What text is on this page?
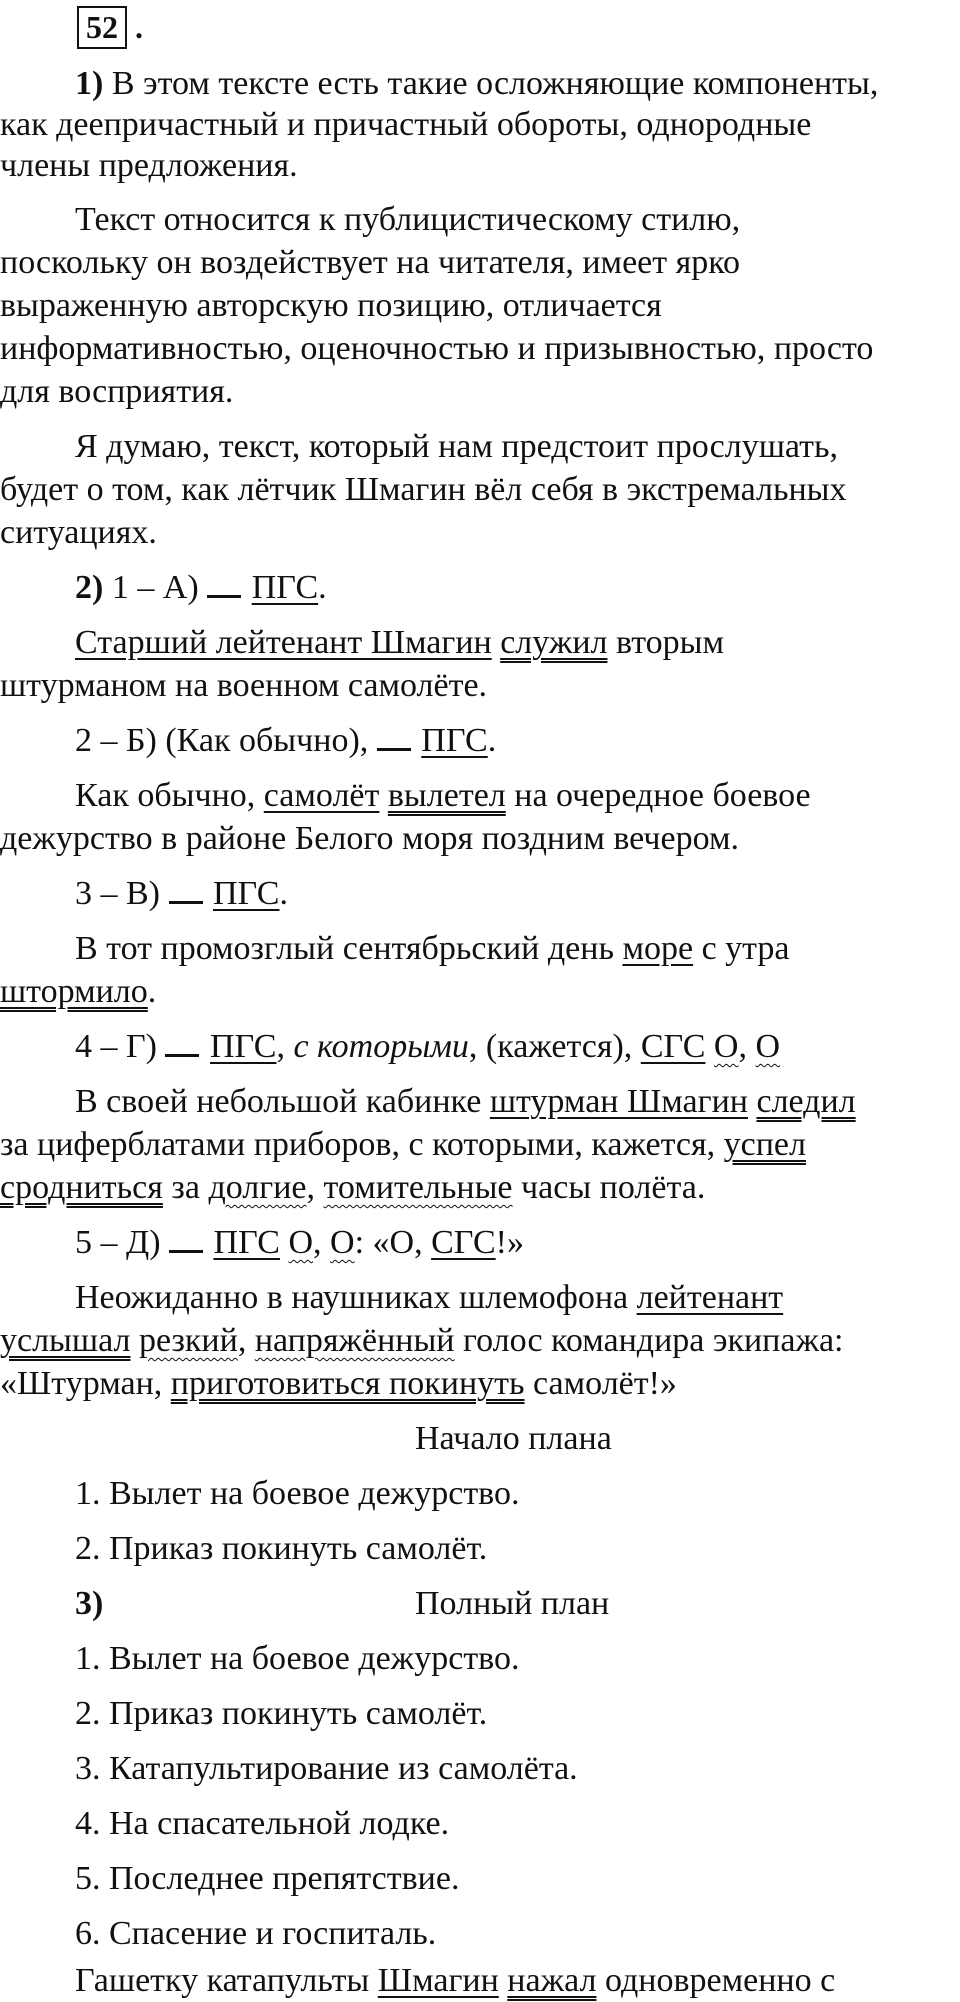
52 .
1) В этом тексте есть такие осложняющие компоненты,
как деепричастный и причастный обороты, однородные
члены предложения.
Текст относится к публицистическому стилю,
поскольку он воздействует на читателя, имеет ярко
выраженную авторскую позицию, отличается
информативностью, оценочностью и призывностью, просто
для восприятия.
Я думаю, текст, который нам предстоит прослушать,
будет о том, как лётчик Шмагин вёл себя в экстремальных
ситуациях.
2) 1 – А)  ПГС.
Старший лейтенант Шмагин служил вторым
штурманом на военном самолёте.
2 – Б) (Как обычно),  ПГС.
Как обычно, самолёт вылетел на очередное боевое
дежурство в районе Белого моря поздним вечером.
3 – В)  ПГС.
В тот промозглый сентябрьский день море с утра
штормило.
4 – Г)  ПГС, с которыми, (кажется), СГС О, О
В своей небольшой кабинке штурман Шмагин следил
за циферблатами приборов, с которыми, кажется, успел
сродниться за долгие, томительные часы полёта.
5 – Д)  ПГС О, О: «О, СГС!»
Неожиданно в наушниках шлемофона лейтенант
услышал резкий, напряжённый голос командира экипажа:
«Штурман, приготовиться покинуть самолёт!»
Начало плана
1. Вылет на боевое дежурство.
2. Приказ покинуть самолёт.
3)	Полный план
1. Вылет на боевое дежурство.
2. Приказ покинуть самолёт.
3. Катапультирование из самолёта.
4. На спасательной лодке.
5. Последнее препятствие.
6. Спасение и госпиталь.
Гашетку катапульты Шмагин нажал одновременно с
